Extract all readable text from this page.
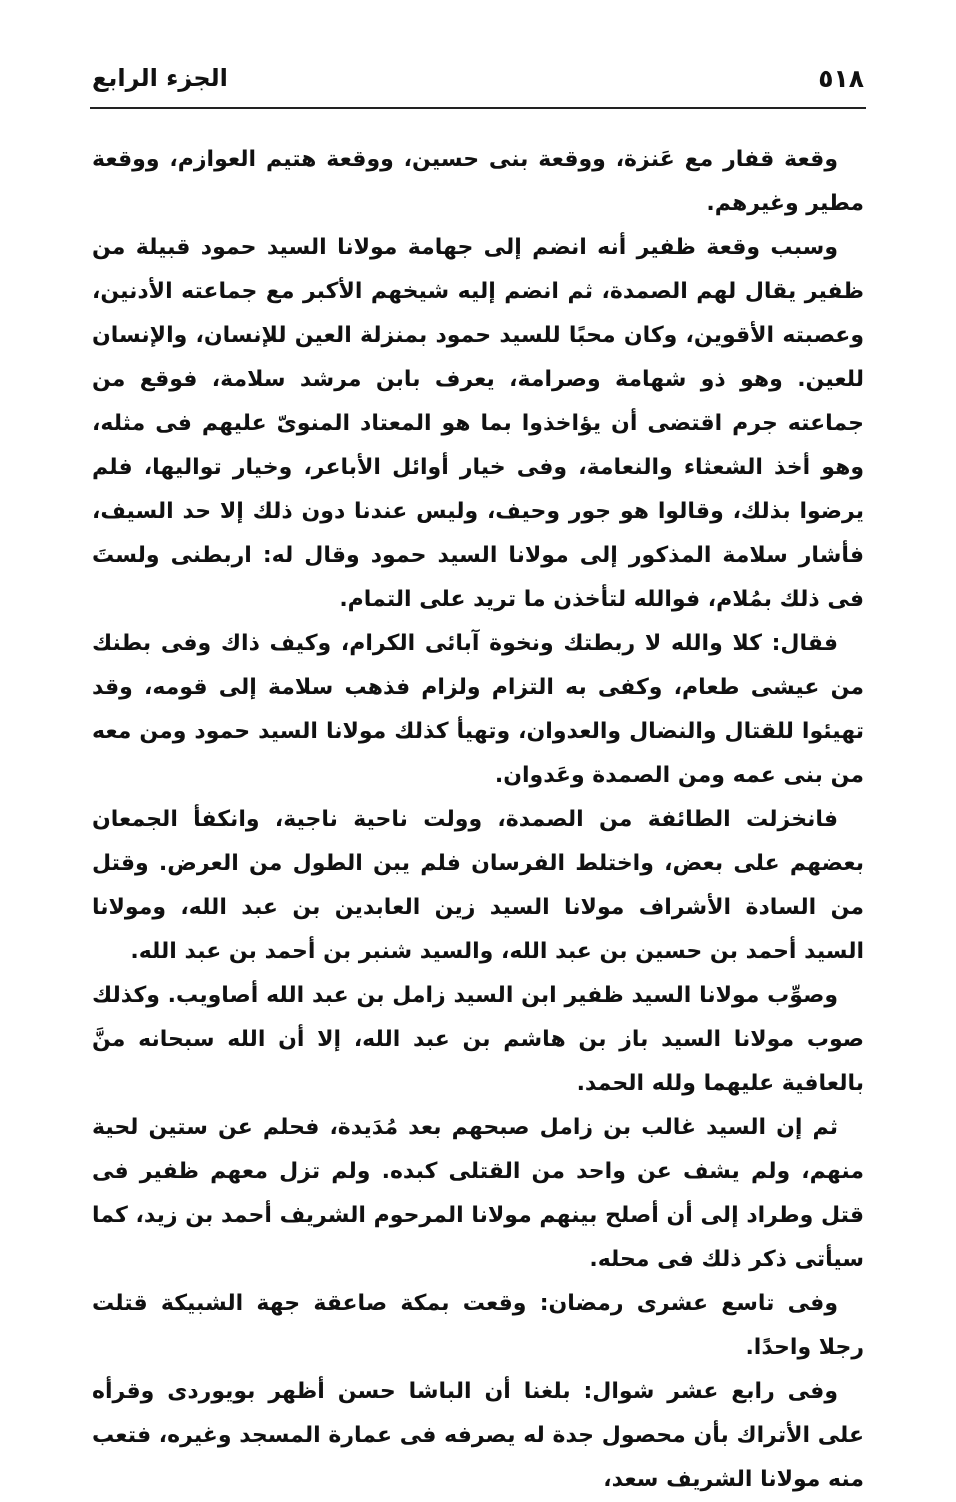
٥١٨
الجزء الرابع

وقعة قفار مع عَنزة، ووقعة بنى حسين، ووقعة هتيم العوازم، ووقعة مطير وغيرهم.

وسبب وقعة ظفير أنه انضم إلى جهامة مولانا السيد حمود قبيلة من ظفير يقال لهم الصمدة، ثم انضم إليه شيخهم الأكبر مع جماعته الأدنين، وعصبته الأقوين، وكان محبًا للسيد حمود بمنزلة العين للإنسان، والإنسان للعين. وهو ذو شهامة وصرامة، يعرف بابن مرشد سلامة، فوقع من جماعته جرم اقتضى أن يؤاخذوا بما هو المعتاد المنوىّ عليهم فى مثله، وهو أخذ الشعثاء والنعامة، وفى خيار أوائل الأباعر، وخيار تواليها، فلم يرضوا بذلك، وقالوا هو جور وحيف، وليس عندنا دون ذلك إلا حد السيف، فأشار سلامة المذكور إلى مولانا السيد حمود وقال له: اربطنى ولستَ فى ذلك بمُلام، فوالله لتأخذن ما تريد على التمام.

فقال: كلا والله لا ربطتك ونخوة آبائى الكرام، وكيف ذاك وفى بطنك من عيشى طعام، وكفى به التزام ولزام فذهب سلامة إلى قومه، وقد تهيئوا للقتال والنضال والعدوان، وتهيأ كذلك مولانا السيد حمود ومن معه من بنى عمه ومن الصمدة وعَدوان.

فانخزلت الطائفة من الصمدة، وولت ناحية ناجية، وانكفأ الجمعان بعضهم على بعض، واختلط الفرسان فلم يبن الطول من العرض. وقتل من السادة الأشراف مولانا السيد زين العابدين بن عبد الله، ومولانا السيد أحمد بن حسين بن عبد الله، والسيد شنبر بن أحمد بن عبد الله.

وصوِّب مولانا السيد ظفير ابن السيد زامل بن عبد الله أصاويب. وكذلك صوب مولانا السيد باز بن هاشم بن عبد الله، إلا أن الله سبحانه منَّ بالعافية عليهما ولله الحمد.

ثم إن السيد غالب بن زامل صبحهم بعد مُدَيدة، فحلم عن ستين لحية منهم، ولم يشف عن واحد من القتلى كبده. ولم تزل معهم ظفير فى قتل وطراد إلى أن أصلح بينهم مولانا المرحوم الشريف أحمد بن زيد، كما سيأتى ذكر ذلك فى محله.

وفى تاسع عشرى رمضان: وقعت بمكة صاعقة جهة الشبيكة قتلت رجلا واحدًا.

وفى رابع عشر شوال: بلغنا أن الباشا حسن أظهر بويوردى وقرأه على الأتراك بأن محصول جدة له يصرفه فى عمارة المسجد وغيره، فتعب منه مولانا الشريف سعد،
